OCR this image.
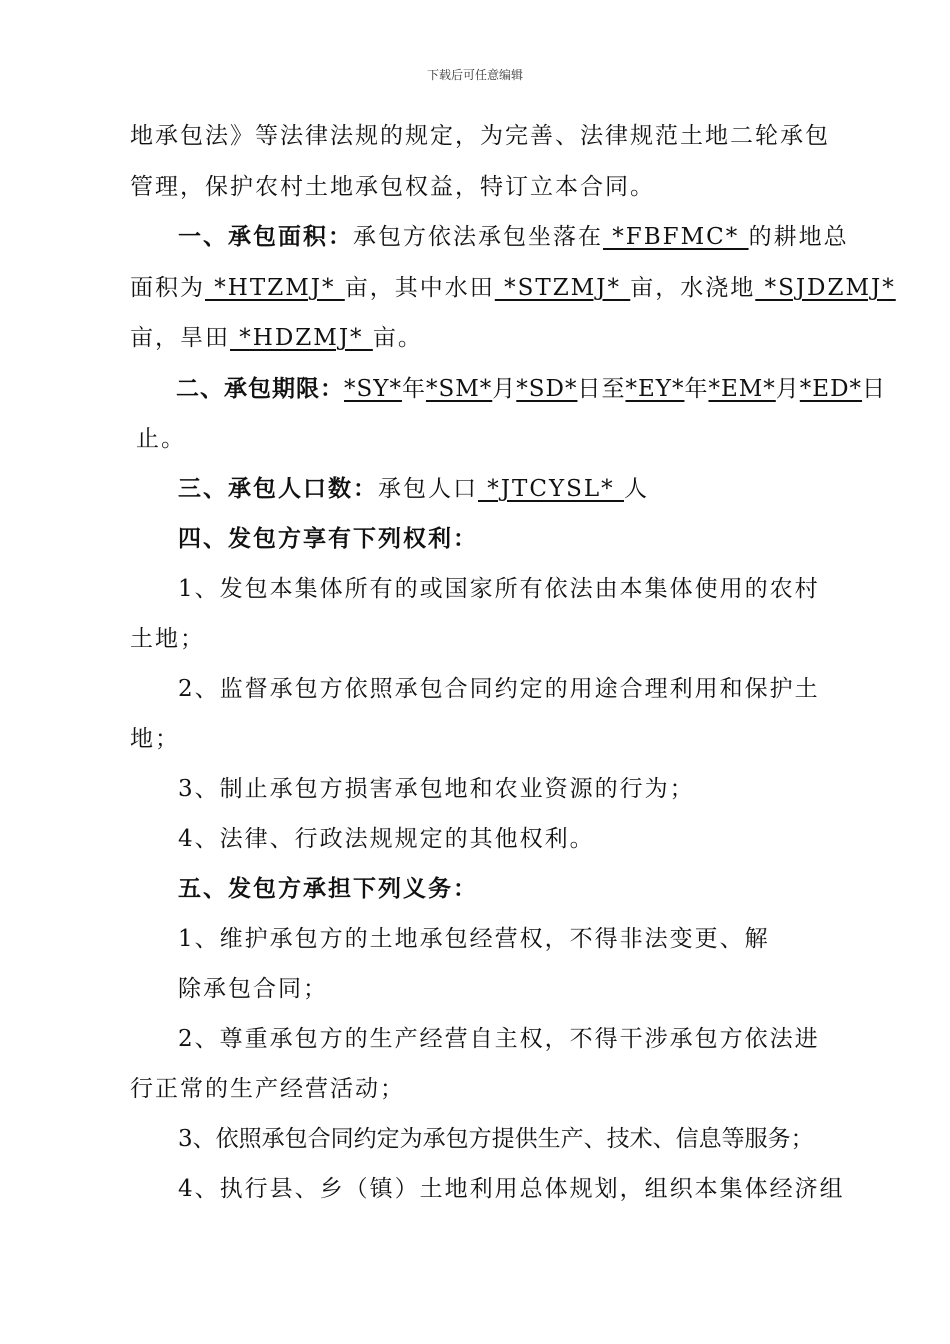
下载后可任意编辑
地承包法》等法律法规的规定，为完善、法律规范土地二轮承包
管理，保护农村土地承包权益，特订立本合同。
一、承包面积：承包方依法承包坐落在 *FBFMC* 的耕地总
面积为 *HTZMJ* 亩，其中水田 *STZMJ* 亩，水浇地 *SJDZMJ*
亩，旱田 *HDZMJ* 亩。
二、承包期限：*SY*年*SM*月*SD*日至*EY*年*EM*月*ED*日
止。
三、承包人口数：承包人口 *JTCYSL* 人
四、发包方享有下列权利：
1、发包本集体所有的或国家所有依法由本集体使用的农村
土地；
2、监督承包方依照承包合同约定的用途合理利用和保护土
地；
3、制止承包方损害承包地和农业资源的行为；
4、法律、行政法规规定的其他权利。
五、发包方承担下列义务：
1、维护承包方的土地承包经营权，不得非法变更、解
除承包合同；
2、尊重承包方的生产经营自主权，不得干涉承包方依法进
行正常的生产经营活动；
3、依照承包合同约定为承包方提供生产、技术、信息等服务；
4、执行县、乡（镇）土地利用总体规划，组织本集体经济组
